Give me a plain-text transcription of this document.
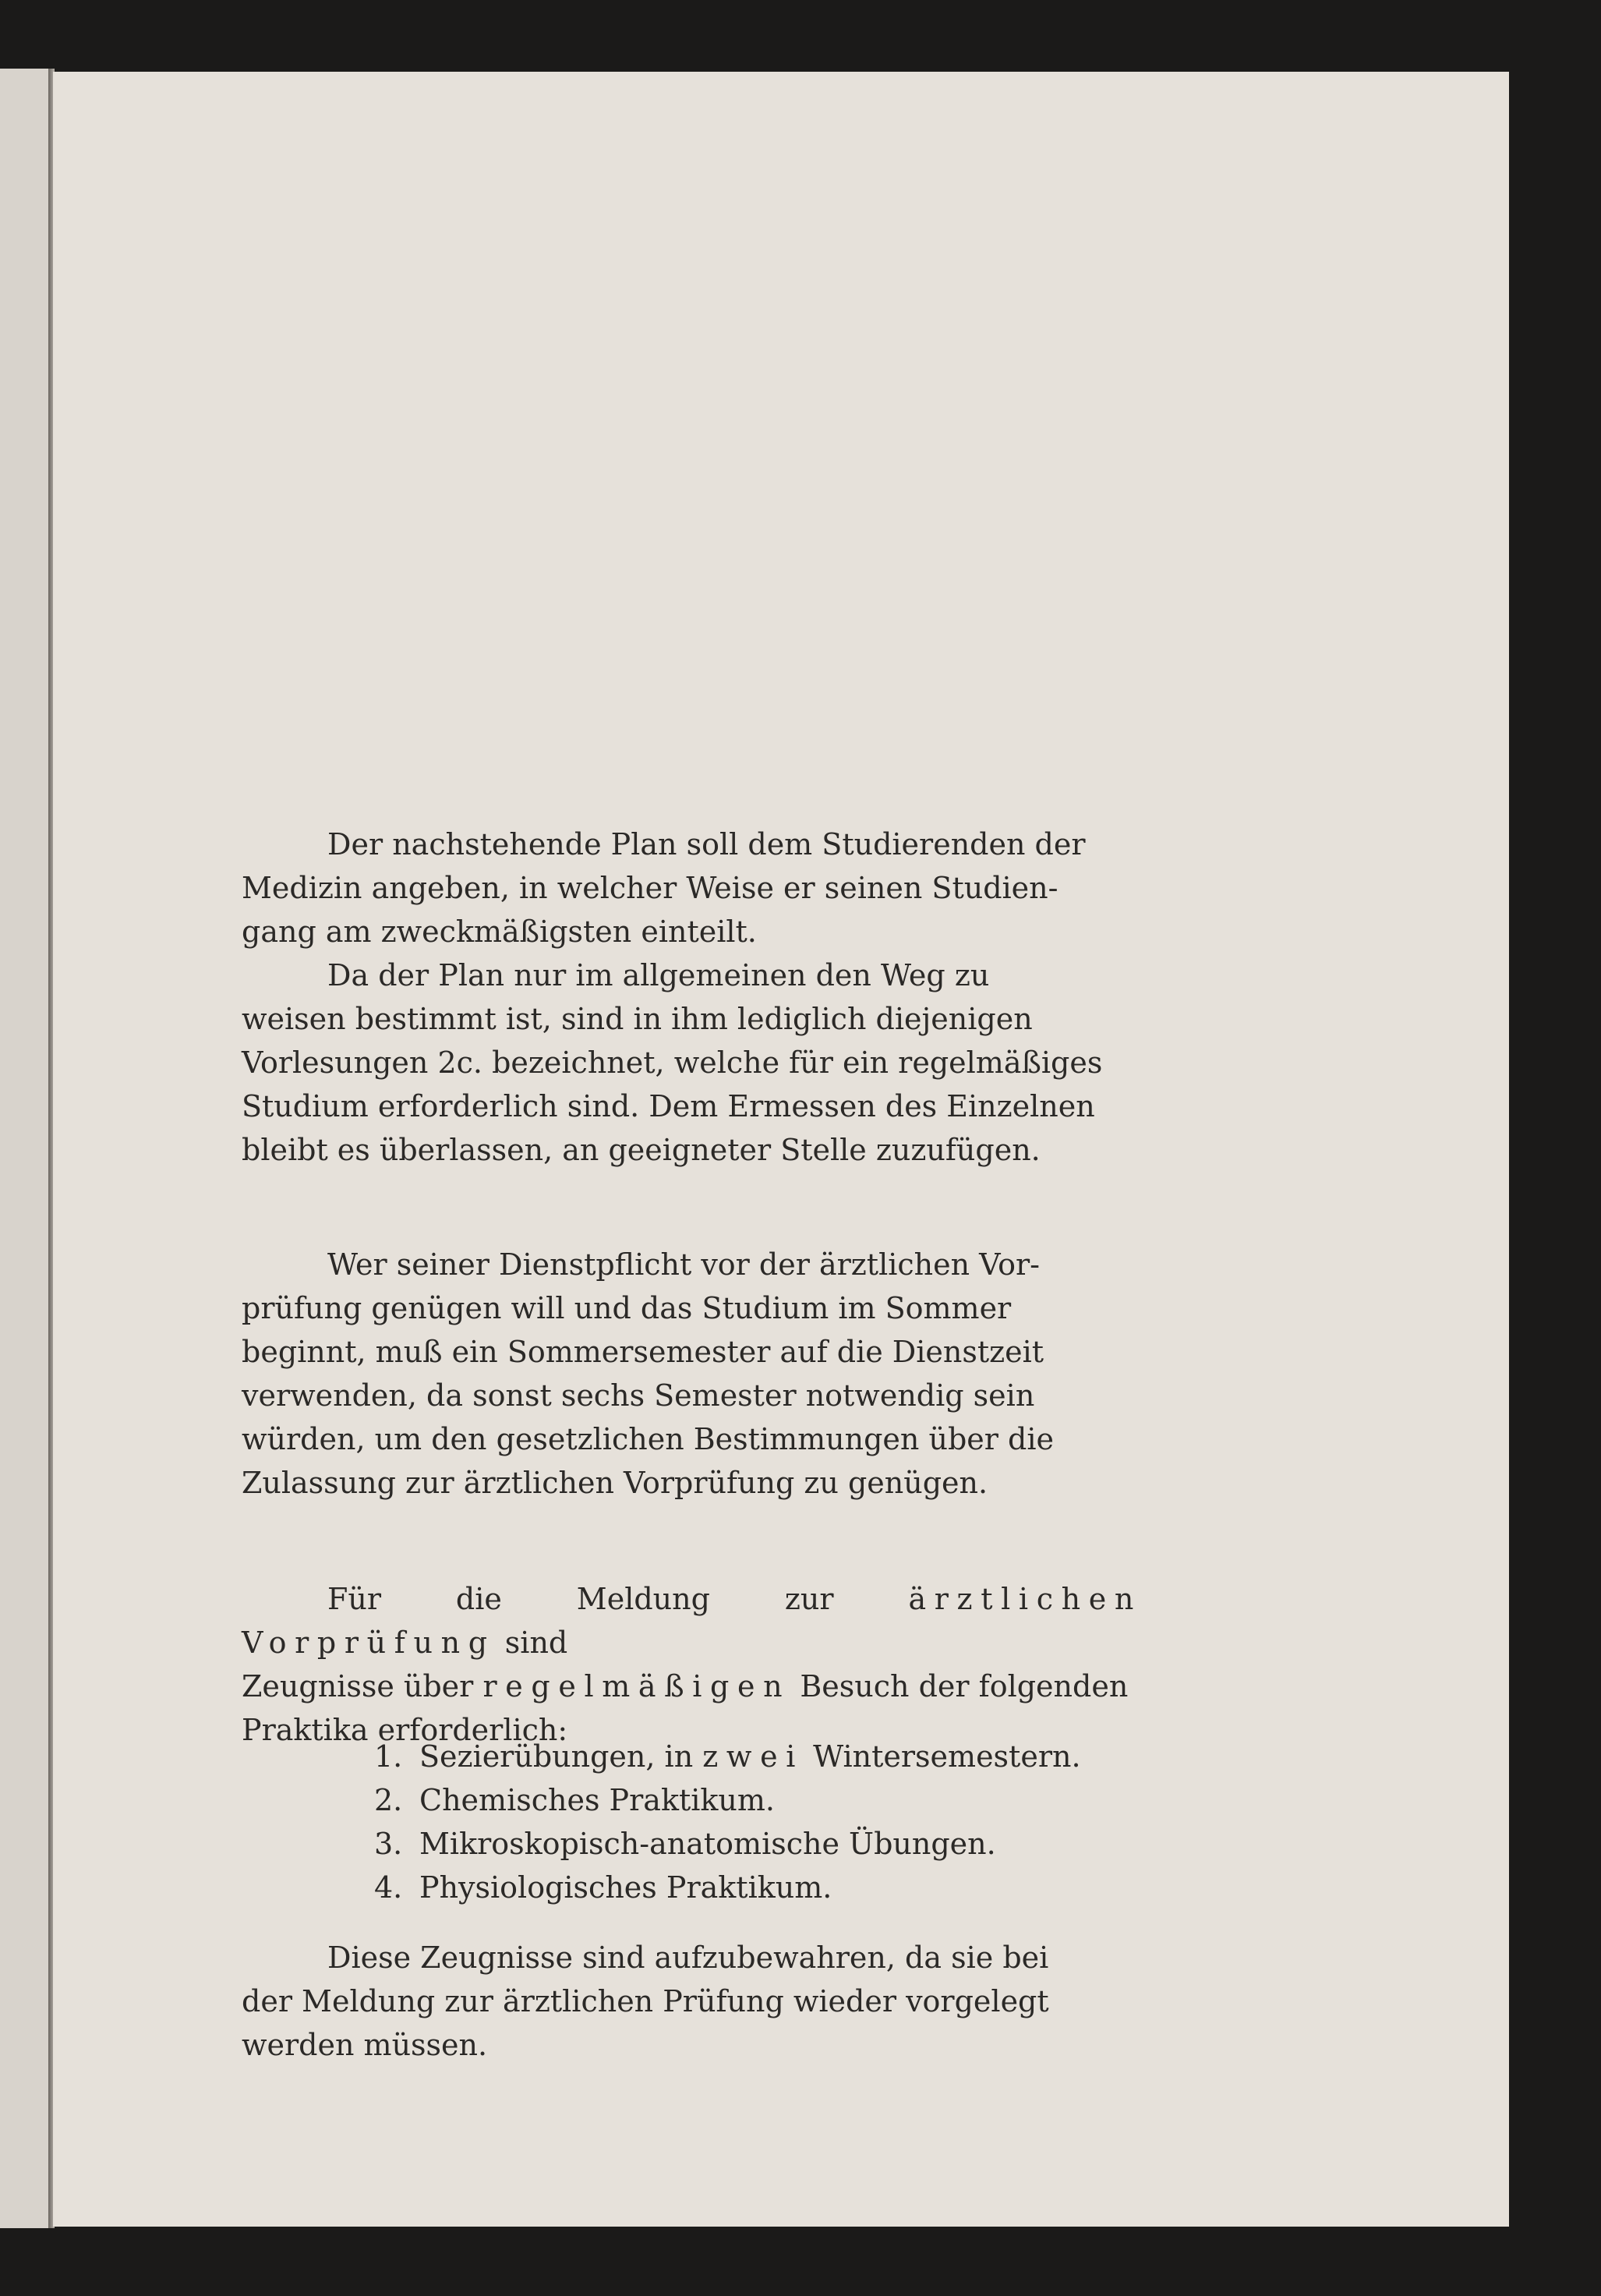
Der nachstehende Plan soll dem Studierenden der

Medizin angeben, in welcher Weise er seinen Studien-

gang am zweckmäßigsten einteilt.

Da der Plan nur im allgemeinen den Weg zu

weisen bestimmt ist, sind in ihm lediglich diejenigen

Vorlesungen 2c. bezeichnet, welche für ein regelmäßiges

Studium erforderlich sind. Dem Ermessen des Einzelnen

bleibt es überlassen, an geeigneter Stelle zuzufügen.

Wer seiner Dienstpflicht vor der ärztlichen Vor-

prüfung genügen will und das Studium im Sommer

beginnt, muß ein Sommersemester auf die Dienstzeit

verwenden, da sonst sechs Semester notwendig sein

würden, um den gesetzlichen Bestimmungen über die

Zulassung zur ärztlichen Vorprüfung zu genügen.

Für die Meldung zur	ärztlichen Vorprüfung sind

Zeugnisse über regelmäßigen Besuch der folgenden

Praktika erforderlich:

1. Sezierübungen, in zwei Wintersemestern.
2. Chemisches Praktikum.
3. Mikroskopisch-anatomische Übungen.
4. Physiologisches Praktikum.

Diese Zeugnisse sind aufzubewahren, da sie bei

der Meldung zur ärztlichen Prüfung wieder vorgelegt

werden müssen.
